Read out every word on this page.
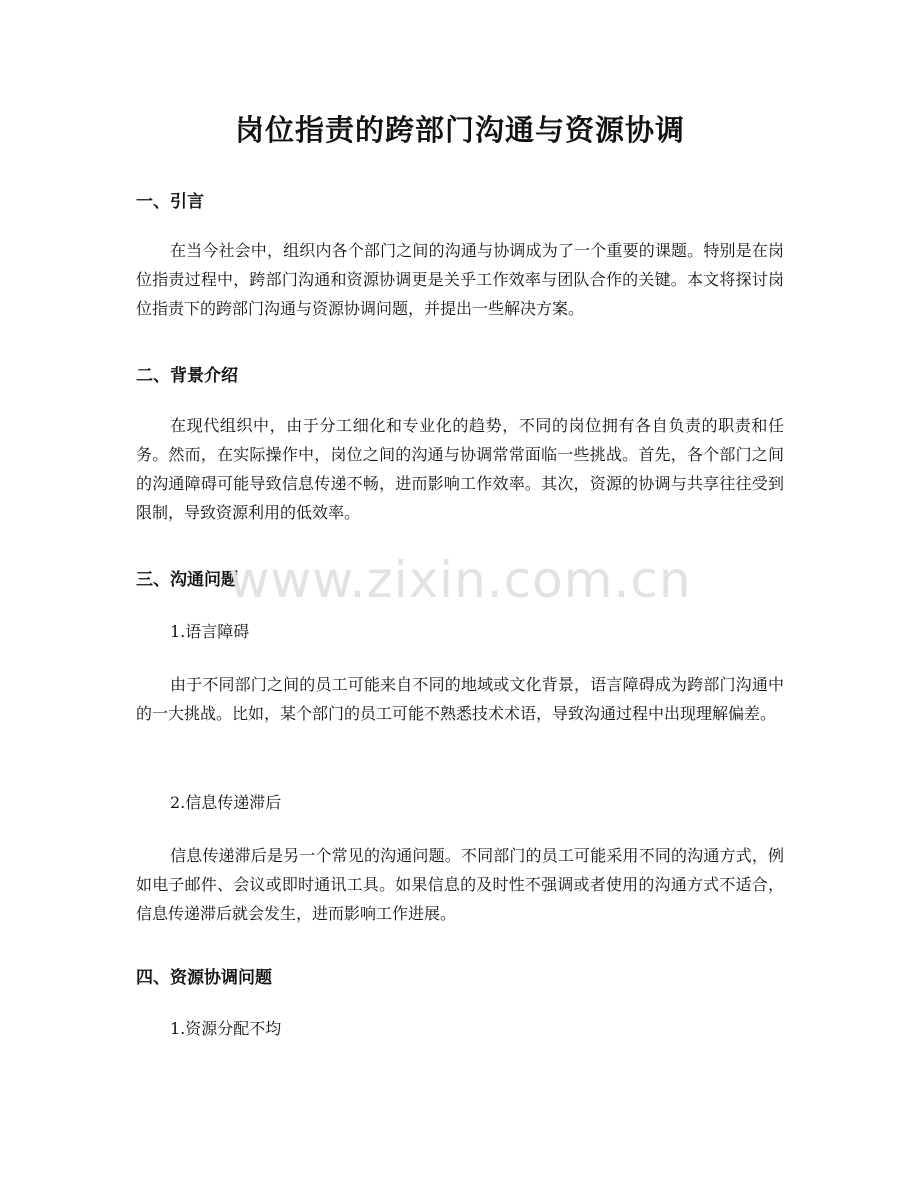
岗位指责的跨部门沟通与资源协调
一、引言

在当今社会中，组织内各个部门之间的沟通与协调成为了一个重要的课题。特别是在岗位指责过程中，跨部门沟通和资源协调更是关乎工作效率与团队合作的关键。本文将探讨岗位指责下的跨部门沟通与资源协调问题，并提出一些解决方案。

二、背景介绍

在现代组织中，由于分工细化和专业化的趋势，不同的岗位拥有各自负责的职责和任务。然而，在实际操作中，岗位之间的沟通与协调常常面临一些挑战。首先，各个部门之间的沟通障碍可能导致信息传递不畅，进而影响工作效率。其次，资源的协调与共享往往受到限制，导致资源利用的低效率。

三、沟通问题

1.语言障碍

由于不同部门之间的员工可能来自不同的地域或文化背景，语言障碍成为跨部门沟通中的一大挑战。比如，某个部门的员工可能不熟悉技术术语，导致沟通过程中出现理解偏差。

2.信息传递滞后

信息传递滞后是另一个常见的沟通问题。不同部门的员工可能采用不同的沟通方式，例如电子邮件、会议或即时通讯工具。如果信息的及时性不强调或者使用的沟通方式不适合，信息传递滞后就会发生，进而影响工作进展。

四、资源协调问题

1.资源分配不均

www.zixin.com.cn
